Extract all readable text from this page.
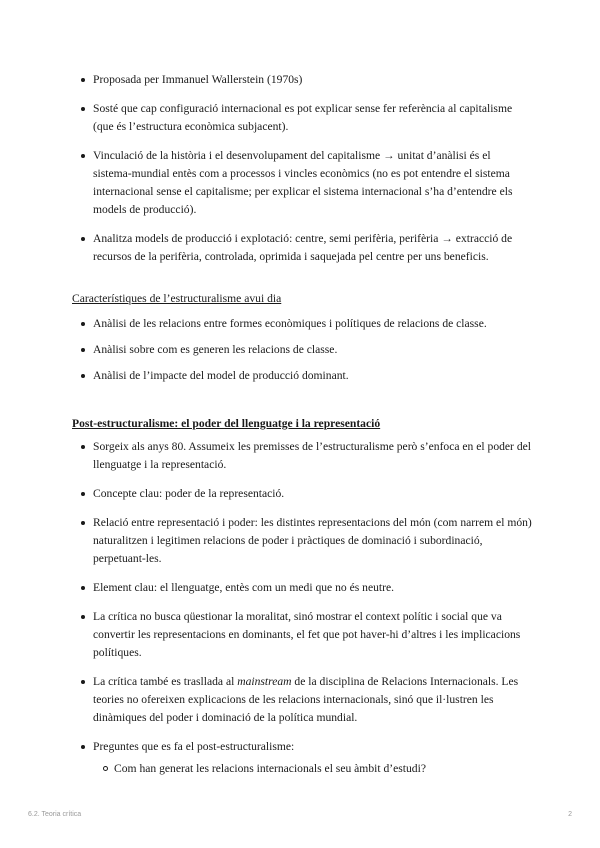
Proposada per Immanuel Wallerstein (1970s)
Sosté que cap configuració internacional es pot explicar sense fer referència al capitalisme (que és l’estructura econòmica subjacent).
Vinculació de la història i el desenvolupament del capitalisme → unitat d’anàlisi és el sistema-mundial entès com a processos i vincles econòmics (no es pot entendre el sistema internacional sense el capitalisme; per explicar el sistema internacional s’ha d’entendre els models de producció).
Analitza models de producció i explotació: centre, semi perifèria, perifèria → extracció de recursos de la perifèria, controlada, oprimida i saquejada pel centre per uns beneficis.
Característiques de l’estructuralisme avui dia
Anàlisi de les relacions entre formes econòmiques i polítiques de relacions de classe.
Anàlisi sobre com es generen les relacions de classe.
Anàlisi de l’impacte del model de producció dominant.
Post-estructuralisme: el poder del llenguatge i la representació
Sorgeix als anys 80. Assumeix les premisses de l’estructuralisme però s’enfoca en el poder del llenguatge i la representació.
Concepte clau: poder de la representació.
Relació entre representació i poder: les distintes representacions del món (com narrem el món) naturalitzen i legitimen relacions de poder i pràctiques de dominació i subordinació, perpetuant-les.
Element clau: el llenguatge, entès com un medi que no és neutre.
La crítica no busca qüestionar la moralitat, sinó mostrar el context polític i social que va convertir les representacions en dominants, el fet que pot haver-hi d’altres i les implicacions polítiques.
La crítica també es trasllada al mainstream de la disciplina de Relacions Internacionals. Les teories no ofereixen explicacions de les relacions internacionals, sinó que il·lustren les dinàmiques del poder i dominació de la política mundial.
Preguntes que es fa el post-estructuralisme:
Com han generat les relacions internacionals el seu àmbit d’estudi?
6.2. Teoria crítica	2
